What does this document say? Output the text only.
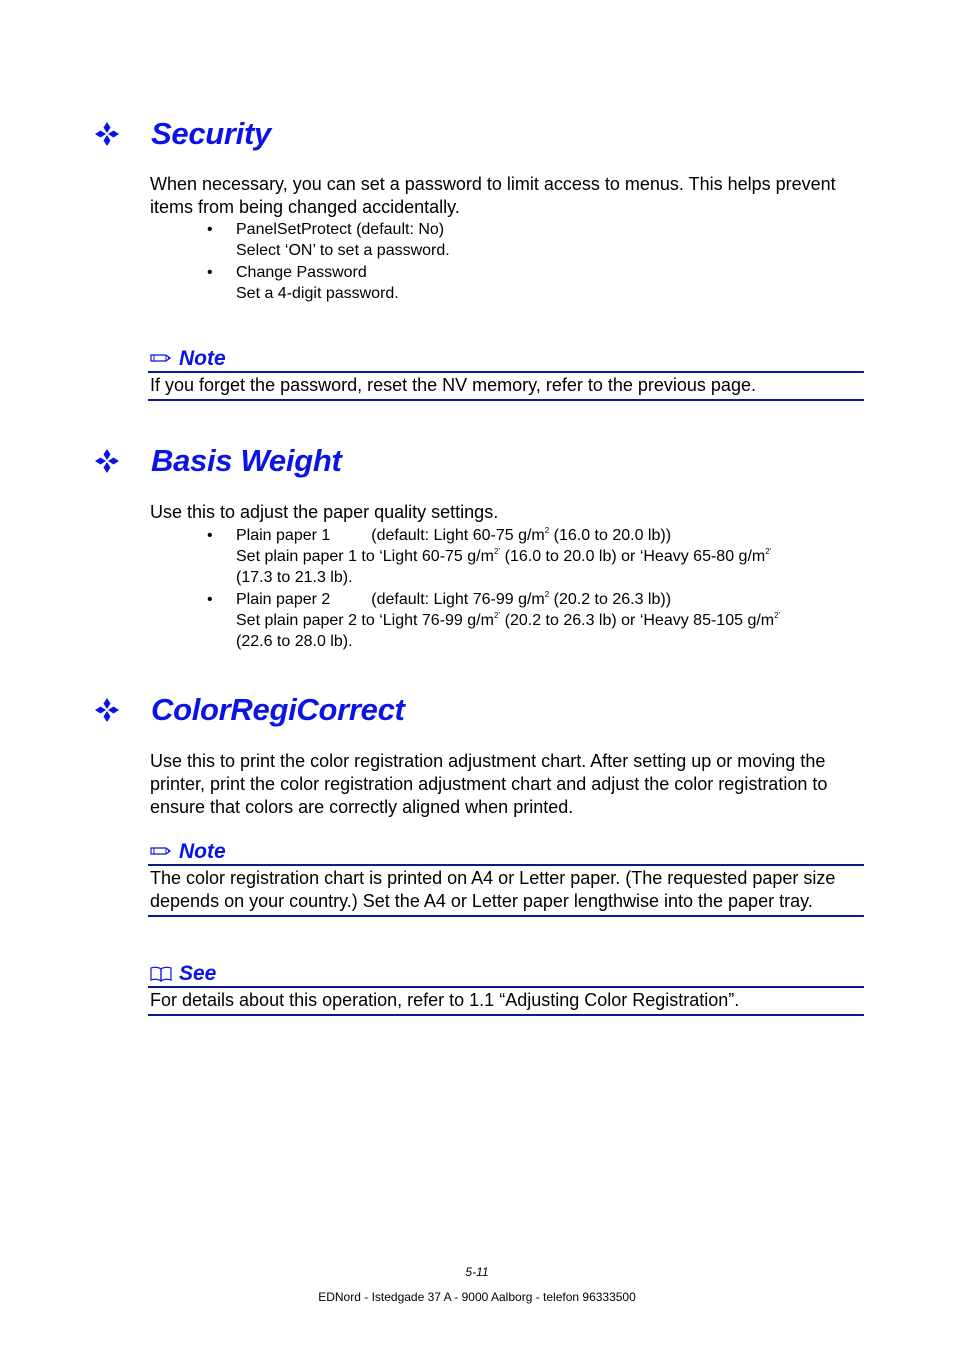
Security
When necessary, you can set a password to limit access to menus. This helps prevent items from being changed accidentally.
• PanelSetProtect (default: No)
Select ‘ON’ to set a password.
• Change Password
Set a 4-digit password.
Note
If you forget the password, reset the NV memory, refer to the previous page.
Basis Weight
Use this to adjust the paper quality settings.
• Plain paper 1	(default: Light 60-75 $g/m^2$ (16.0 to 20.0 lb))
Set plain paper 1 to ‘Light 60-75 $g/m^{2’}$ (16.0 to 20.0 lb) or ‘Heavy 65-80 $g/m^{2’}$
(17.3 to 21.3 lb).
• Plain paper 2	(default: Light 76-99 $g/m^2$ (20.2 to 26.3 lb))
Set plain paper 2 to ‘Light 76-99 $g/m^{2’}$ (20.2 to 26.3 lb) or ‘Heavy 85-105 $g/m^{2’}$
(22.6 to 28.0 lb).
ColorRegiCorrect
Use this to print the color registration adjustment chart. After setting up or moving the printer, print the color registration adjustment chart and adjust the color registration to ensure that colors are correctly aligned when printed.
Note
The color registration chart is printed on A4 or Letter paper. (The requested paper size depends on your country.) Set the A4 or Letter paper lengthwise into the paper tray.
See
For details about this operation, refer to 1.1 “Adjusting Color Registration”.
5-11
EDNord - Istedgade 37 A - 9000 Aalborg - telefon 96333500
